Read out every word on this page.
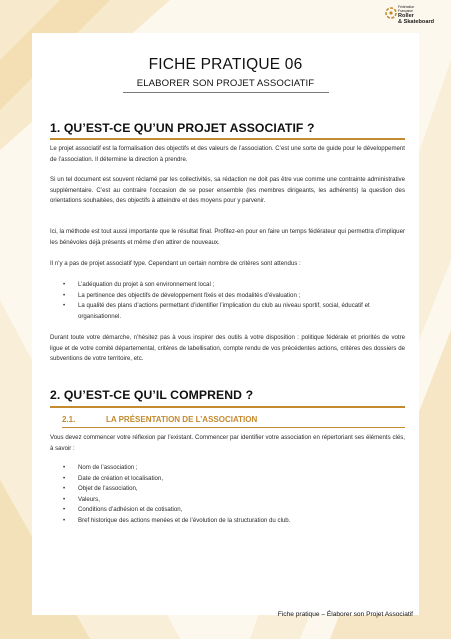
Fédération
Française
Roller
& Skateboard
FICHE PRATIQUE 06
ELABORER SON PROJET ASSOCIATIF
1. QU’EST-CE QU’UN PROJET ASSOCIATIF ?
Le projet associatif est la formalisation des objectifs et des valeurs de l’association. C’est une sorte de guide pour le développement de l’association. Il détermine la direction à prendre.
Si un tel document est souvent réclamé par les collectivités, sa rédaction ne doit pas être vue comme une contrainte administrative supplémentaire. C’est au contraire l’occasion de se poser ensemble (les membres dirigeants, les adhérents) la question des orientations souhaitées, des objectifs à atteindre et des moyens pour y parvenir.
Ici, la méthode est tout aussi importante que le résultat final. Profitez-en pour en faire un temps fédérateur qui permettra d’impliquer les bénévoles déjà présents et même d’en attirer de nouveaux.
Il n’y a pas de projet associatif type. Cependant un certain nombre de critères sont attendus :
• L’adéquation du projet à son environnement local ;
• La pertinence des objectifs de développement fixés et des modalités d’évaluation ;
• La qualité des plans d’actions permettant d’identifier l’implication du club au niveau sportif, social, éducatif et organisationnel.
Durant toute votre démarche, n’hésitez pas à vous inspirer des outils à votre disposition : politique fédérale et priorités de votre ligue et de votre comité départemental, critères de labellisation, compte rendu de vos précédentes actions, critères des dossiers de subventions de votre territoire, etc.
2. QU’EST-CE QU’IL COMPREND ?
2.1.	LA PRÉSENTATION DE L’ASSOCIATION
Vous devez commencer votre réflexion par l’existant. Commencer par identifier votre association en répertoriant ses éléments clés, à savoir :
• Nom de l’association ;
• Date de création et localisation,
• Objet de l’association,
• Valeurs,
• Conditions d’adhésion et de cotisation,
• Bref historique des actions menées et de l’évolution de la structuration du club.
Fiche pratique – Élaborer son Projet Associatif
